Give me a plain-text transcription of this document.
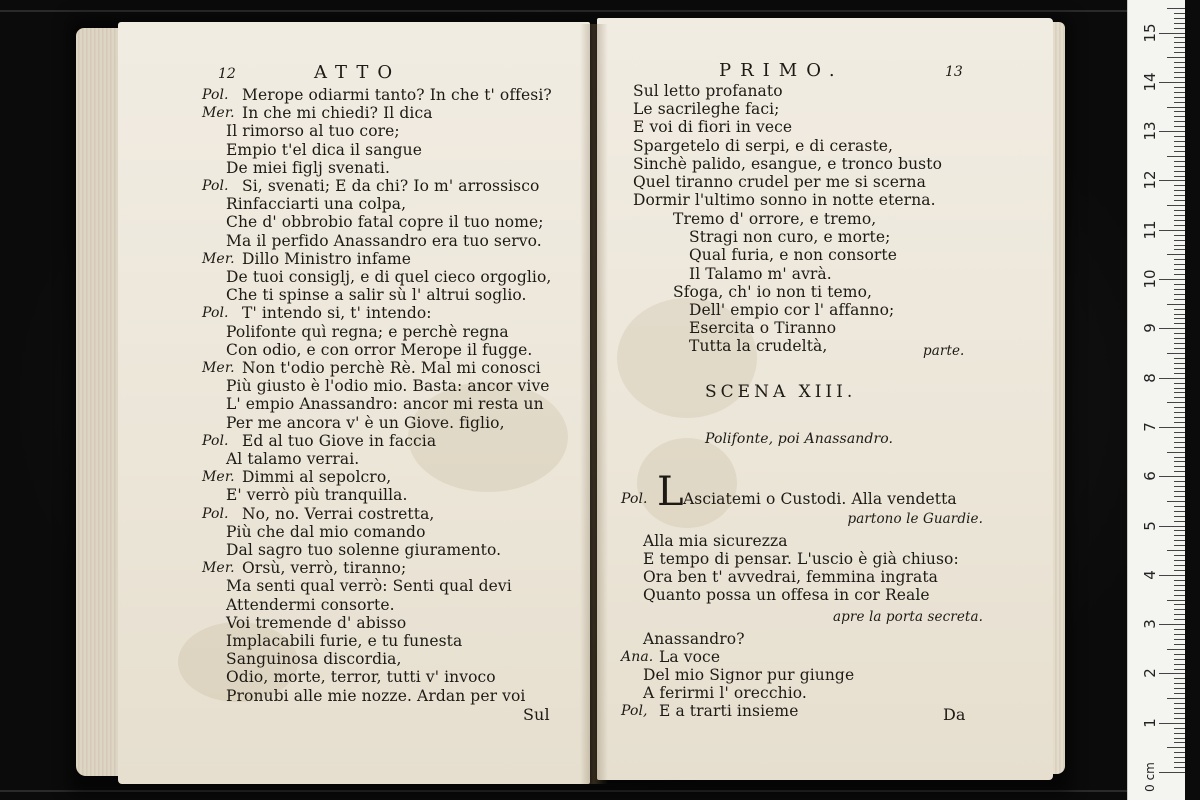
12	ATTO
Pol. Merope odiarmi tanto? In che t' offesi?
Mer. In che mi chiedi? Il dica
Il rimorso al tuo core;
Empio t'el dica il sangue
De miei figlj svenati.
Pol. Si, svenati; E da chi? Io m' arrossisco
Rinfacciarti una colpa,
Che d' obbrobio fatal copre il tuo nome;
Ma il perfido Anassandro era tuo servo.
Mer. Dillo Ministro infame
De tuoi consiglj, e di quel cieco orgoglio,
Che ti spinse a salir sù l' altrui soglio.
Pol. T' intendo si, t' intendo:
Polifonte quì regna; e perchè regna
Con odio, e con orror Merope il fugge.
Mer. Non t'odio perchè Rè. Mal mi conosci
Più giusto è l'odio mio. Basta: ancor vive
L' empio Anassandro: ancor mi resta un
Per me ancora v' è un Giove. figlio,
Pol. Ed al tuo Giove in faccia
Al talamo verrai.
Mer. Dimmi al sepolcro,
E' verrò più tranquilla.
Pol. No, no. Verrai costretta,
Più che dal mio comando
Dal sagro tuo solenne giuramento.
Mer. Orsù, verrò, tiranno;
Ma senti qual verrò: Senti qual devi
Attendermi consorte.
Voi tremende d' abisso
Implacabili furie, e tu funesta
Sanguinosa discordia,
Odio, morte, terror, tutti v' invoco
Pronubi alle mie nozze. Ardan per voi
Sul
PRIMO.	13
Sul letto profanato
Le sacrileghe faci;
E voi di fiori in vece
Spargetelo di serpi, e di ceraste,
Sinchè palido, esangue, e tronco busto
Quel tiranno crudel per me si scerna
Dormir l'ultimo sonno in notte eterna.
Tremo d' orrore, e tremo,
Stragi non curo, e morte;
Qual furia, e non consorte
Il Talamo m' avrà.
Sfoga, ch' io non ti temo,
Dell' empio cor l' affanno;
Esercita o Tiranno
Tutta la crudeltà,	parte.
SCENA XIII.
Polifonte, poi Anassandro.
Pol. L Asciatemi o Custodi. Alla vendetta
partono le Guardie.
Alla mia sicurezza
E tempo di pensar. L'uscio è già chiuso:
Ora ben t' avvedrai, femmina ingrata
Quanto possa un offesa in cor Reale
apre la porta secreta.
Anassandro?
Ana. La voce
Del mio Signor pur giunge
A ferirmi l' orecchio.
Pol, E a trarti insieme	Da
0 cm
1
2
3
4
5
6
7
8
9
10
11
12
13
14
15
